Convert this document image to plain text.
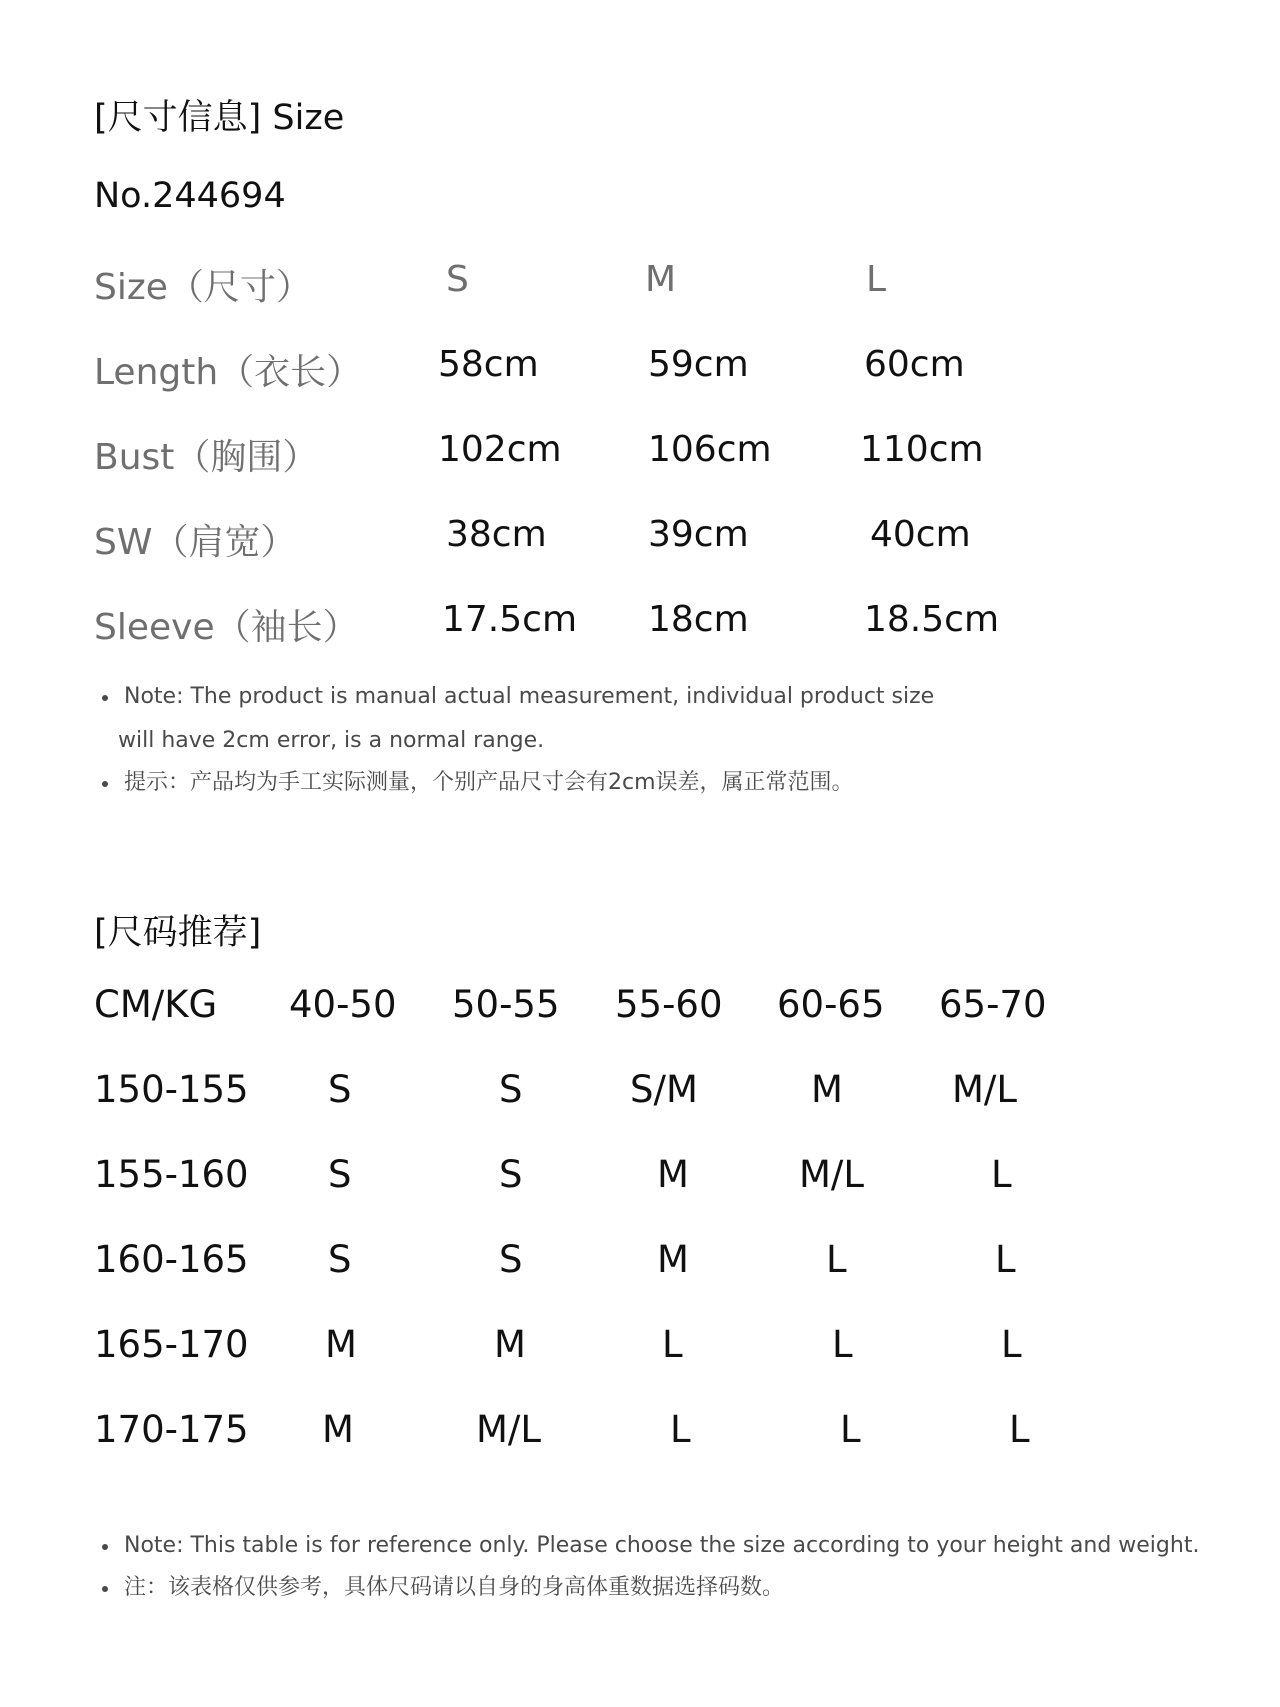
[尺寸信息] Size
No.244694
Size（尺寸）	S	M	L
Length（衣长） 58cm	59cm	60cm
Bust（胸围）	102cm 106cm 110cm
SW（肩宽）	38cm	39cm	40cm
Sleeve（袖长） 17.5cm 18cm	18.5cm
Note: The product is manual actual measurement, individual product size
will have 2cm error, is a normal range.
提示：产品均为手工实际测量，个别产品尺寸会有2cm误差，属正常范围。
[尺码推荐]
CM/KG 40-50 50-55 55-60 60-65 65-70
150-155 S	S	S/M	M	M/L
155-160 S	S	M	M/L	L
160-165 S	S	M	L	L
165-170 M	M	L	L	L
170-175 M	M/L	L	L	L
Note: This table is for reference only. Please choose the size according to your height and weight.
注：该表格仅供参考，具体尺码请以自身的身高体重数据选择码数。
